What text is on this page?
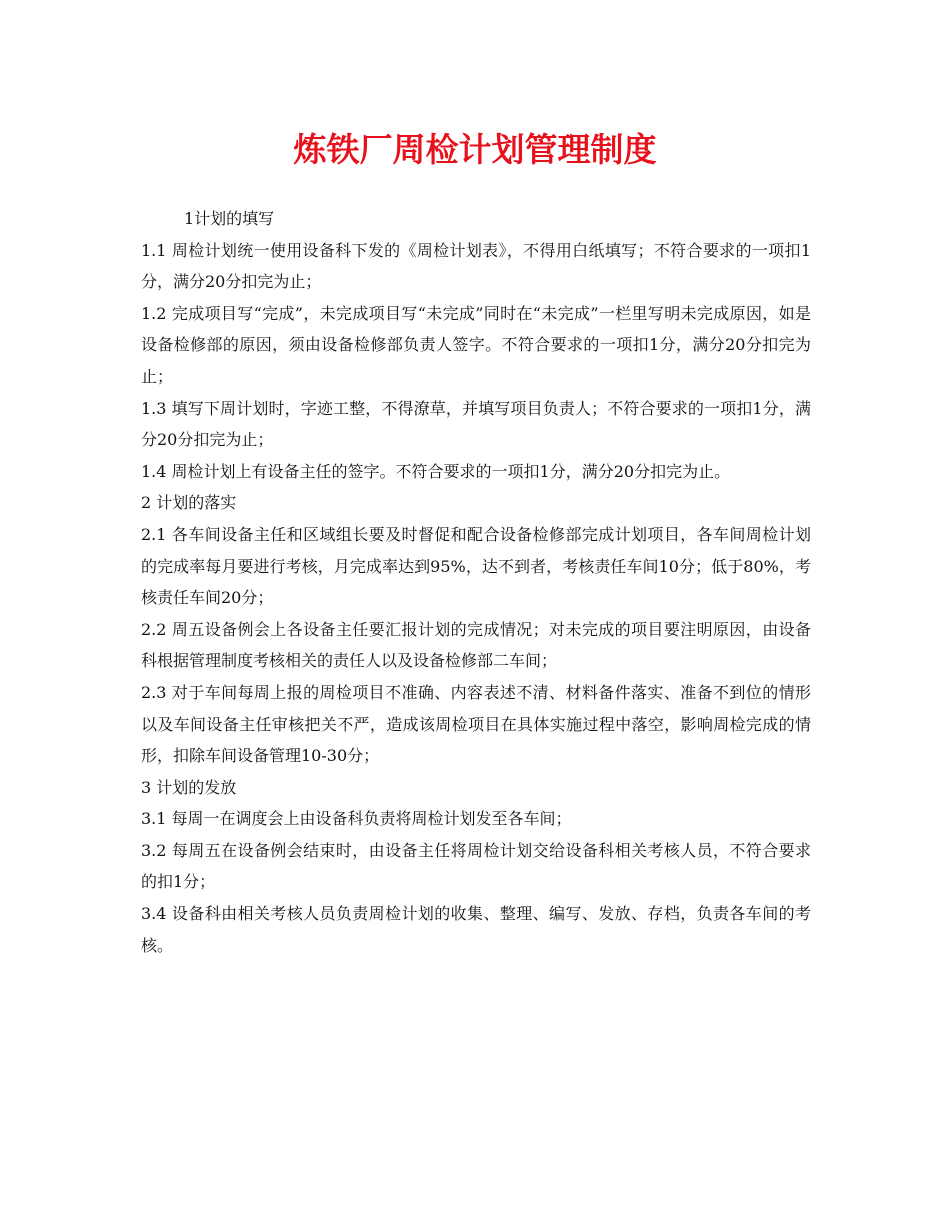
炼铁厂周检计划管理制度

1计划的填写

1.1 周检计划统一使用设备科下发的《周检计划表》，不得用白纸填写；不符合要求的一项扣1分，满分20分扣完为止；

1.2 完成项目写“完成”，未完成项目写“未完成”同时在“未完成”一栏里写明未完成原因，如是设备检修部的原因，须由设备检修部负责人签字。不符合要求的一项扣1分，满分20分扣完为止；

1.3 填写下周计划时，字迹工整，不得潦草，并填写项目负责人；不符合要求的一项扣1分，满分20分扣完为止；

1.4 周检计划上有设备主任的签字。不符合要求的一项扣1分，满分20分扣完为止。

2 计划的落实

2.1 各车间设备主任和区域组长要及时督促和配合设备检修部完成计划项目，各车间周检计划的完成率每月要进行考核，月完成率达到95%，达不到者，考核责任车间10分；低于80%，考核责任车间20分；

2.2 周五设备例会上各设备主任要汇报计划的完成情况；对未完成的项目要注明原因，由设备科根据管理制度考核相关的责任人以及设备检修部二车间；

2.3 对于车间每周上报的周检项目不准确、内容表述不清、材料备件落实、准备不到位的情形以及车间设备主任审核把关不严，造成该周检项目在具体实施过程中落空，影响周检完成的情形，扣除车间设备管理10-30分；

3 计划的发放

3.1 每周一在调度会上由设备科负责将周检计划发至各车间；

3.2 每周五在设备例会结束时，由设备主任将周检计划交给设备科相关考核人员，不符合要求的扣1分；

3.4 设备科由相关考核人员负责周检计划的收集、整理、编写、发放、存档，负责各车间的考核。
